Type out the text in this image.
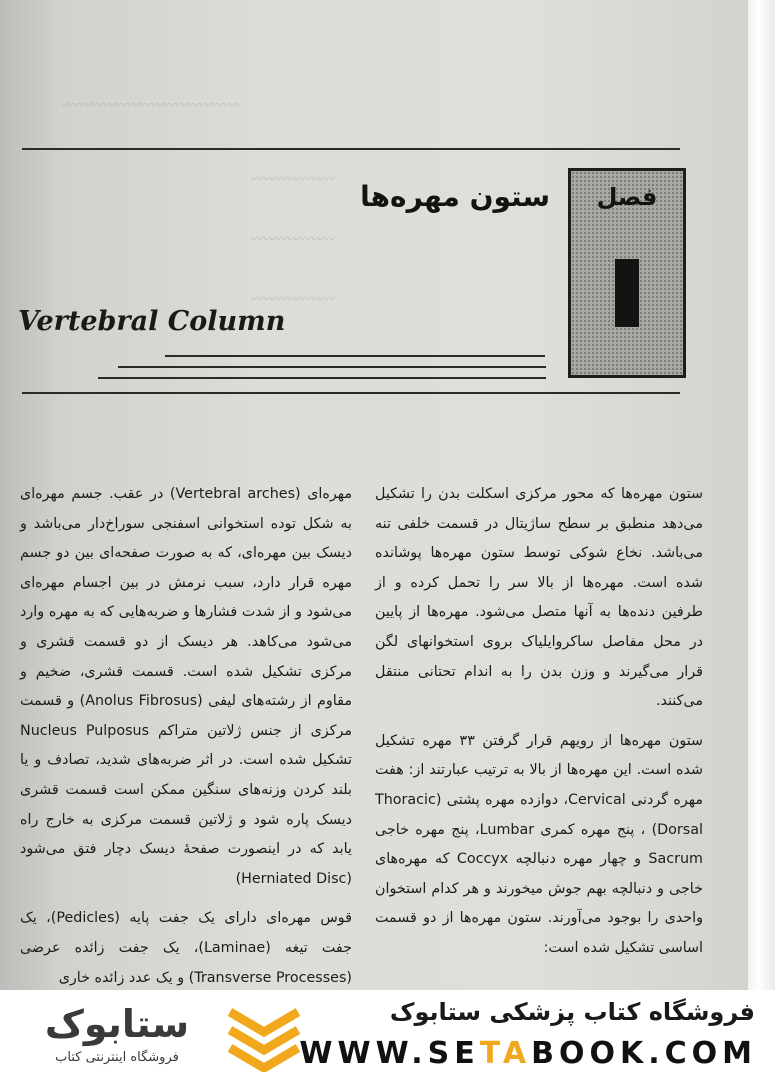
〰〰〰〰〰〰〰〰〰〰〰〰〰〰〰
〰〰〰〰〰〰〰
〰〰〰〰〰〰〰
〰〰〰〰〰〰〰
فصل
ستون مهره‌ها
Vertebral Column

ستون مهره‌ها که محور مرکزی اسکلت بدن را تشکیل می‌دهد منطبق بر سطح ساژیتال در قسمت خلفی تنه می‌باشد. نخاع شوکی توسط ستون مهره‌ها پوشانده شده است. مهره‌ها از بالا سر را تحمل کرده و از طرفین دنده‌ها به آنها متصل می‌شود. مهره‌ها از پایین در محل مفاصل ساکروایلیاک بروی استخوانهای لگن قرار می‌گیرند و وزن بدن را به اندام تحتانی منتقل می‌کنند.

ستون مهره‌ها از رویهم قرار گرفتن ۳۳ مهره تشکیل شده است. این مهره‌ها از بالا به ترتیب عبارتند از: هفت مهره گردنی Cervical، دوازده مهره پشتی (Thoracic (Dorsal ، پنج مهره کمری Lumbar، پنج مهره خاجی Sacrum و چهار مهره دنبالچه Coccyx که مهره‌های خاجی و دنبالچه بهم جوش میخورند و هر کدام استخوان واحدی را بوجود می‌آورند. ستون مهره‌ها از دو قسمت اساسی تشکیل شده است:

مهره‌ای (Vertebral arches) در عقب. جسم مهره‌ای به شکل توده استخوانی اسفنجی سوراخ‌دار می‌باشد و دیسک بین مهره‌ای، که به صورت صفحه‌ای بین دو جسم مهره قرار دارد، سبب نرمش در بین اجسام مهره‌ای می‌شود و از شدت فشارها و ضربه‌هایی که به مهره وارد می‌شود می‌کاهد. هر دیسک از دو قسمت قشری و مرکزی تشکیل شده است. قسمت قشری، ضخیم و مقاوم از رشته‌های لیفی (Anolus Fibrosus) و قسمت مرکزی از جنس ژلاتین متراکم Nucleus Pulposus تشکیل شده است. در اثر ضربه‌های شدید، تصادف و یا بلند کردن وزنه‌های سنگین ممکن است قسمت قشری دیسک پاره شود و ژلاتین قسمت مرکزی به خارج راه یابد که در اینصورت صفحهٔ دیسک دچار فتق می‌شود (Herniated Disc)

قوس مهره‌ای دارای یک جفت پایه (Pedicles)، یک جفت تیغه (Laminae)، یک جفت زائده عرضی (Transverse Processes) و یک عدد زائده خاری

ستابوک
فروشگاه اینترنتی کتاب
فروشگاه کتاب پزشکی ستابوک
WWW.SETABOOK.COM
